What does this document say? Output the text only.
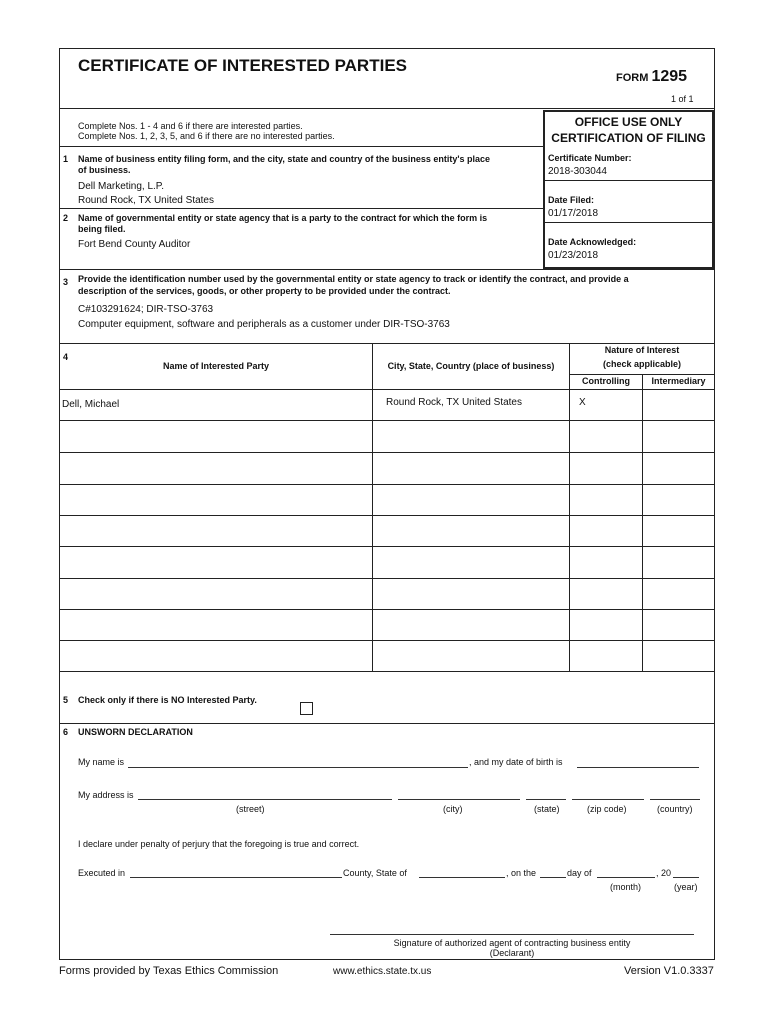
CERTIFICATE OF INTERESTED PARTIES
FORM 1295
1 of 1
Complete Nos. 1 - 4 and 6 if there are interested parties.
Complete Nos. 1, 2, 3, 5, and 6 if there are no interested parties.
OFFICE USE ONLY
CERTIFICATION OF FILING
Certificate Number:
2018-303044
Date Filed:
01/17/2018
Date Acknowledged:
01/23/2018
1 Name of business entity filing form, and the city, state and country of the business entity's place
of business.
Dell Marketing, L.P.
Round Rock, TX United States
2 Name of governmental entity or state agency that is a party to the contract for which the form is
being filed.
Fort Bend County Auditor
3 Provide the identification number used by the governmental entity or state agency to track or identify the contract, and provide a
description of the services, goods, or other property to be provided under the contract.
C#103291624; DIR-TSO-3763
Computer equipment, software and peripherals as a customer under DIR-TSO-3763
4
Name of Interested Party	City, State, Country (place of business)
Nature of Interest
(check applicable)
Controlling	Intermediary
Dell, Michael	Round Rock, TX United States	X
5 Check only if there is NO Interested Party.
6 UNSWORN DECLARATION
My name is	, and my date of birth is
My address is
(street)	(city)	(state)	(zip code)	(country)
I declare under penalty of perjury that the foregoing is true and correct.
Executed in	County, State of	, on the	day of	, 20
(month)	(year)
Signature of authorized agent of contracting business entity
(Declarant)
Forms provided by Texas Ethics Commission	www.ethics.state.tx.us	Version V1.0.3337
